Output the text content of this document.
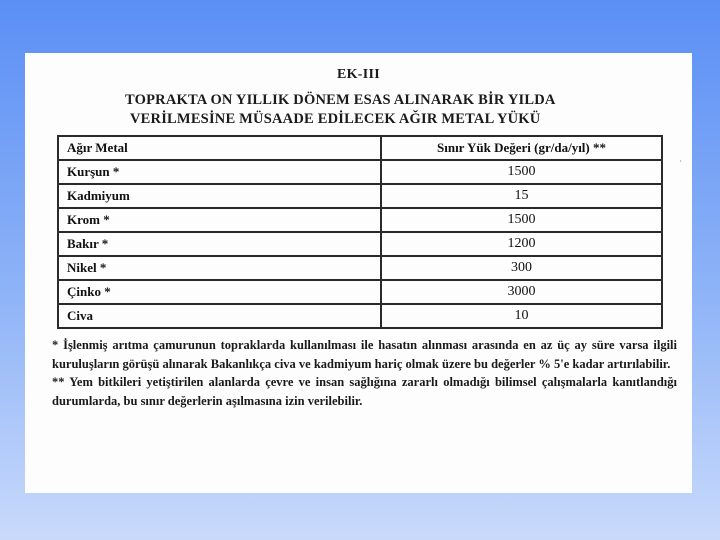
EK-III
TOPRAKTA ON YILLIK DÖNEM ESAS ALINARAK BİR YILDA
VERİLMESİNE MÜSAADE EDİLECEK AĞIR METAL YÜKÜ
·
Ağır Metal	Sınır Yük Değeri (gr/da/yıl) **
Kurşun *	1500
Kadmiyum	15
Krom *	1500
Bakır *	1200
Nikel *	300
Çinko *	3000
Civa	10

* İşlenmiş arıtma çamurunun topraklarda kullanılması ile hasatın alınması arasında en az üç ay süre varsa ilgili kuruluşların görüşü alınarak Bakanlıkça civa ve kadmiyum hariç olmak üzere bu değerler % 5'e kadar artırılabilir.

** Yem bitkileri yetiştirilen alanlarda çevre ve insan sağlığına zararlı olmadığı bilimsel çalışmalarla kanıtlandığı durumlarda, bu sınır değerlerin aşılmasına izin verilebilir.
